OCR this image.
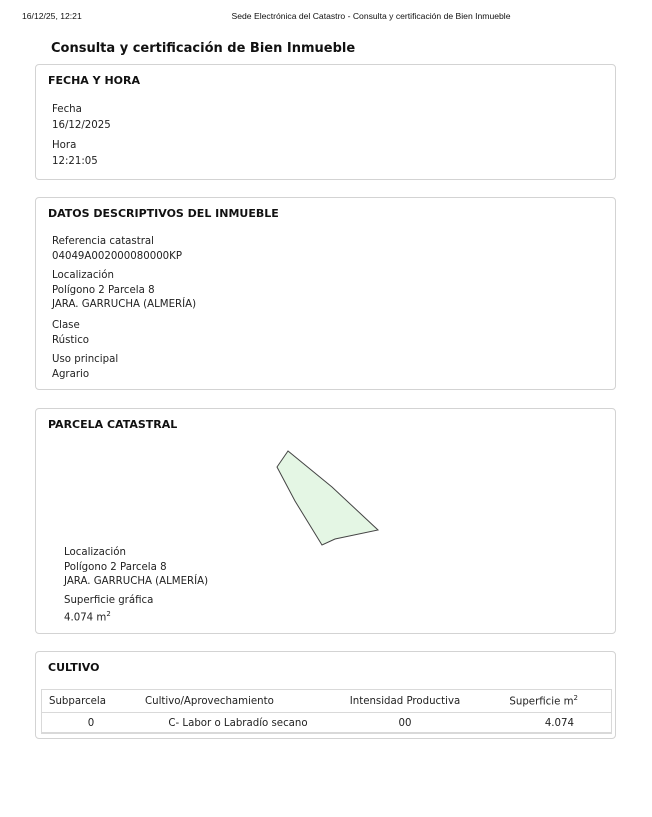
16/12/25, 12:21	Sede Electrónica del Catastro - Consulta y certificación de Bien Inmueble
Consulta y certificación de Bien Inmueble
FECHA Y HORA
Fecha
16/12/2025
Hora
12:21:05
DATOS DESCRIPTIVOS DEL INMUEBLE
Referencia catastral
04049A002000080000KP
Localización
Polígono 2 Parcela 8
JARA. GARRUCHA (ALMERÍA)
Clase
Rústico
Uso principal
Agrario
PARCELA CATASTRAL
Localización
Polígono 2 Parcela 8
JARA. GARRUCHA (ALMERÍA)
Superficie gráfica
4.074 $m^2$
CULTIVO
Subparcela	Cultivo/Aprovechamiento	Intensidad Productiva	Superficie $m^2$
0	C- Labor o Labradío secano	00	4.074
